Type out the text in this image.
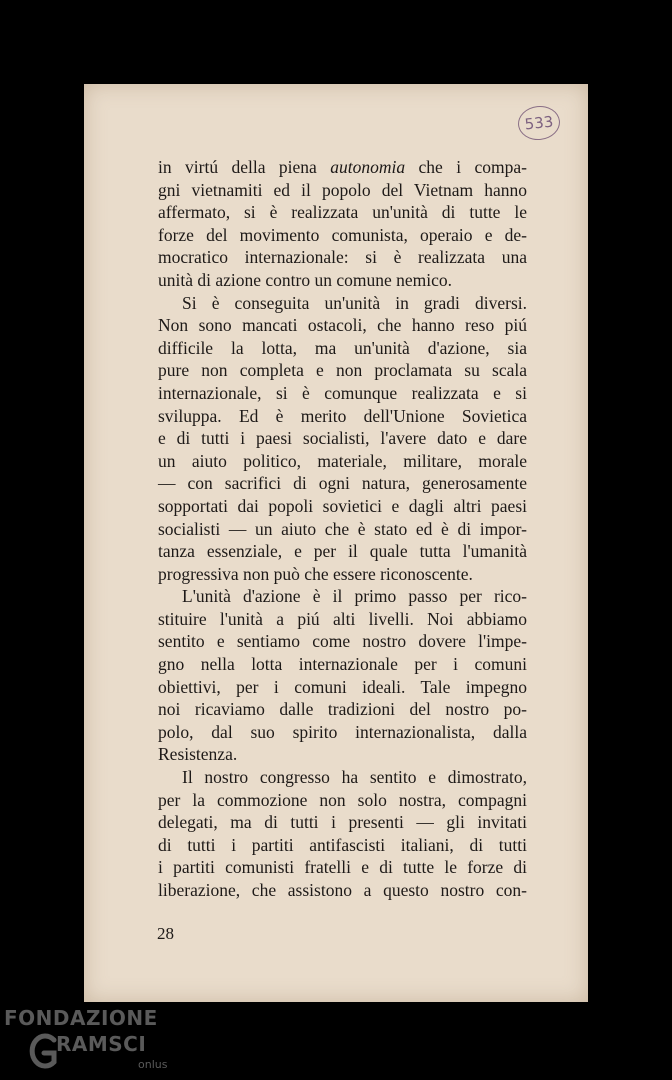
533
in virtú della piena autonomia che i compa-
gni vietnamiti ed il popolo del Vietnam hanno
affermato, si è realizzata un'unità di tutte le
forze del movimento comunista, operaio e de-
mocratico internazionale: si è realizzata una
unità di azione contro un comune nemico.
Si è conseguita un'unità in gradi diversi.
Non sono mancati ostacoli, che hanno reso piú
difficile la lotta, ma un'unità d'azione, sia
pure non completa e non proclamata su scala
internazionale, si è comunque realizzata e si
sviluppa. Ed è merito dell'Unione Sovietica
e di tutti i paesi socialisti, l'avere dato e dare
un aiuto politico, materiale, militare, morale
— con sacrifici di ogni natura, generosamente
sopportati dai popoli sovietici e dagli altri paesi
socialisti — un aiuto che è stato ed è di impor-
tanza essenziale, e per il quale tutta l'umanità
progressiva non può che essere riconoscente.
L'unità d'azione è il primo passo per rico-
stituire l'unità a piú alti livelli. Noi abbiamo
sentito e sentiamo come nostro dovere l'impe-
gno nella lotta internazionale per i comuni
obiettivi, per i comuni ideali. Tale impegno
noi ricaviamo dalle tradizioni del nostro po-
polo, dal suo spirito internazionalista, dalla
Resistenza.
Il nostro congresso ha sentito e dimostrato,
per la commozione non solo nostra, compagni
delegati, ma di tutti i presenti — gli invitati
di tutti i partiti antifascisti italiani, di tutti
i partiti comunisti fratelli e di tutte le forze di
liberazione, che assistono a questo nostro con-
28
FONDAZIONE
RAMSCI
onlus
